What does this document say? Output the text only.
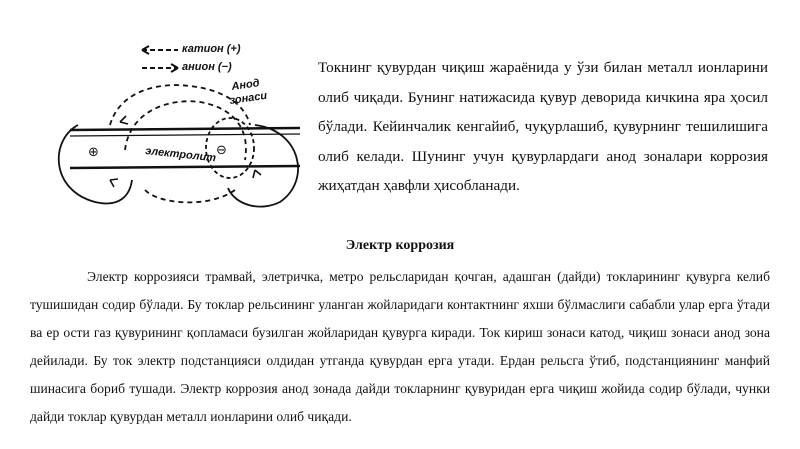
катион (+)
анион (−)
Анод
зонаси
электролит
⊕	⊖
Токнинг қувурдан чиқиш жараёнида у ўзи билан металл ионларини олиб чиқади. Бунинг натижасида қувур деворида кичкина яра ҳосил бўлади. Кейинчалик кенгайиб, чуқурлашиб, қувурнинг тешилишига олиб келади. Шунинг учун қувурлардаги анод зоналари коррозия жиҳатдан ҳавфли ҳисобланади.
Электр коррозия
Электр коррозияси трамвай, элетричка, метро рельсларидан қочган, адашган (дайди) токларининг қувурга келиб тушишидан содир бўлади. Бу токлар рельсининг уланган жойларидаги контактнинг яхши бўлмаслиги сабабли улар ерга ўтади ва ер ости газ қувурининг қопламаси бузилган жойларидан қувурга киради. Ток кириш зонаси катод, чиқиш зонаси анод зона дейилади. Бу ток электр подстанцияси олдидан утганда қувурдан ерга утади. Ердан рельсга ўтиб, подстанциянинг манфий шинасига бориб тушади. Электр коррозия анод зонада дайди токларнинг қувуридан ерга чиқиш жойида содир бўлади, чунки дайди токлар қувурдан металл ионларини олиб чиқади.
